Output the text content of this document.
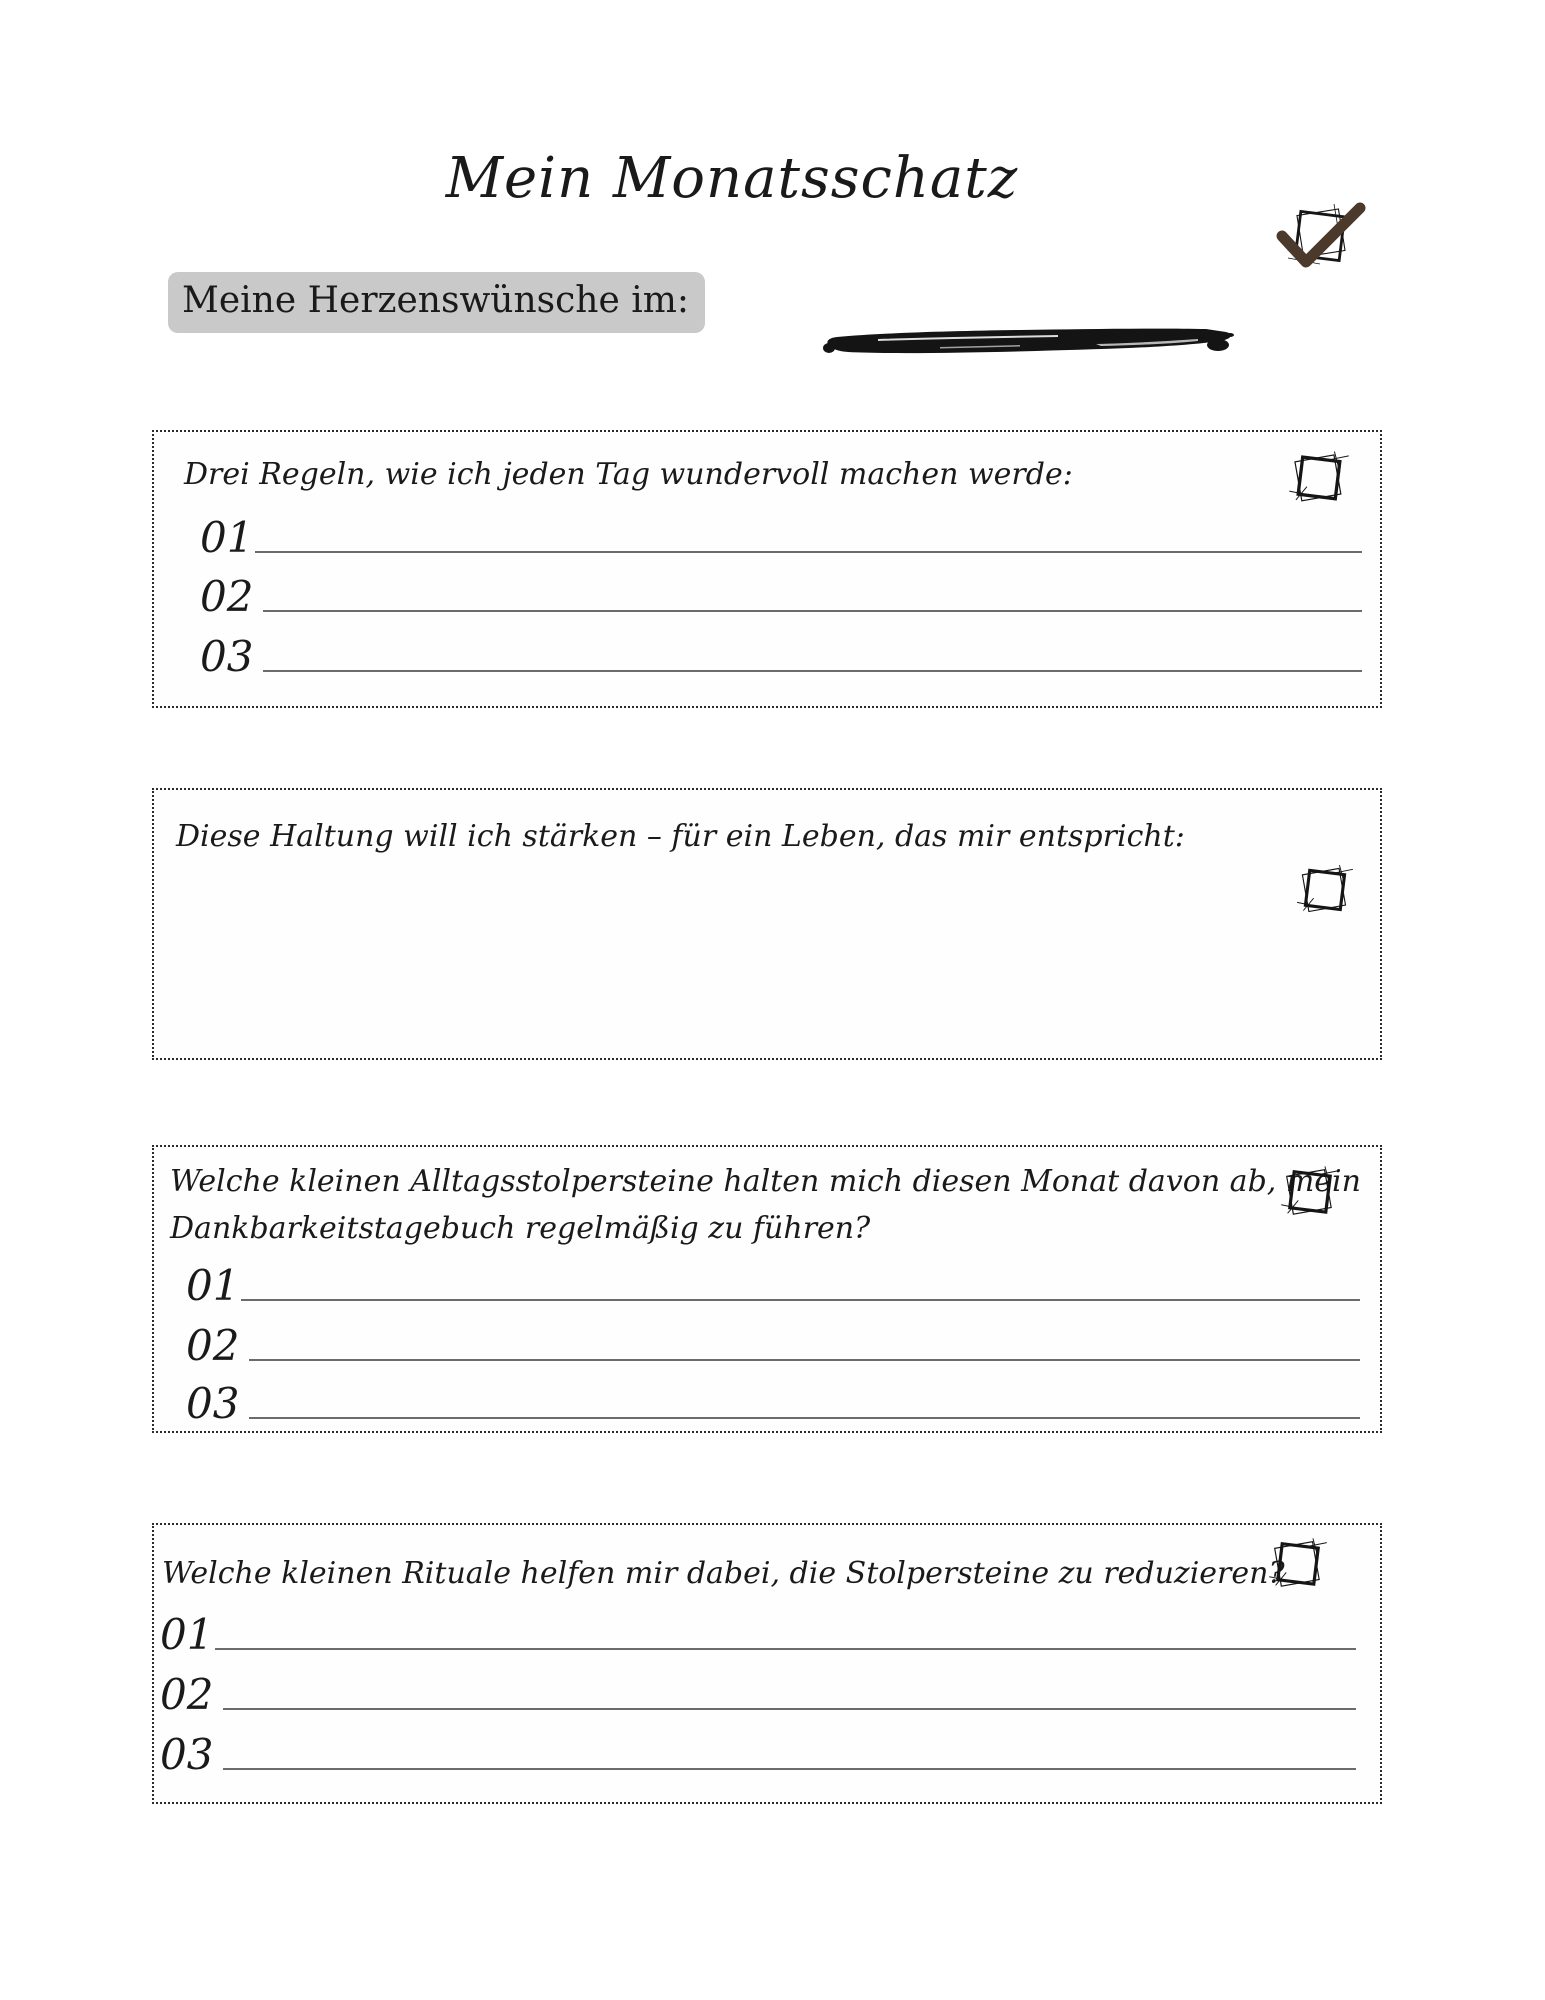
Mein Monatsschatz
Meine Herzenswünsche im:
Drei Regeln, wie ich jeden Tag wundervoll machen werde:
01
02
03
Diese Haltung will ich stärken – für ein Leben, das mir entspricht:
Welche kleinen Alltagsstolpersteine halten mich diesen Monat davon ab, mein
Dankbarkeitstagebuch regelmäßig zu führen?
01
02
03
Welche kleinen Rituale helfen mir dabei, die Stolpersteine zu reduzieren?
01
02
03
